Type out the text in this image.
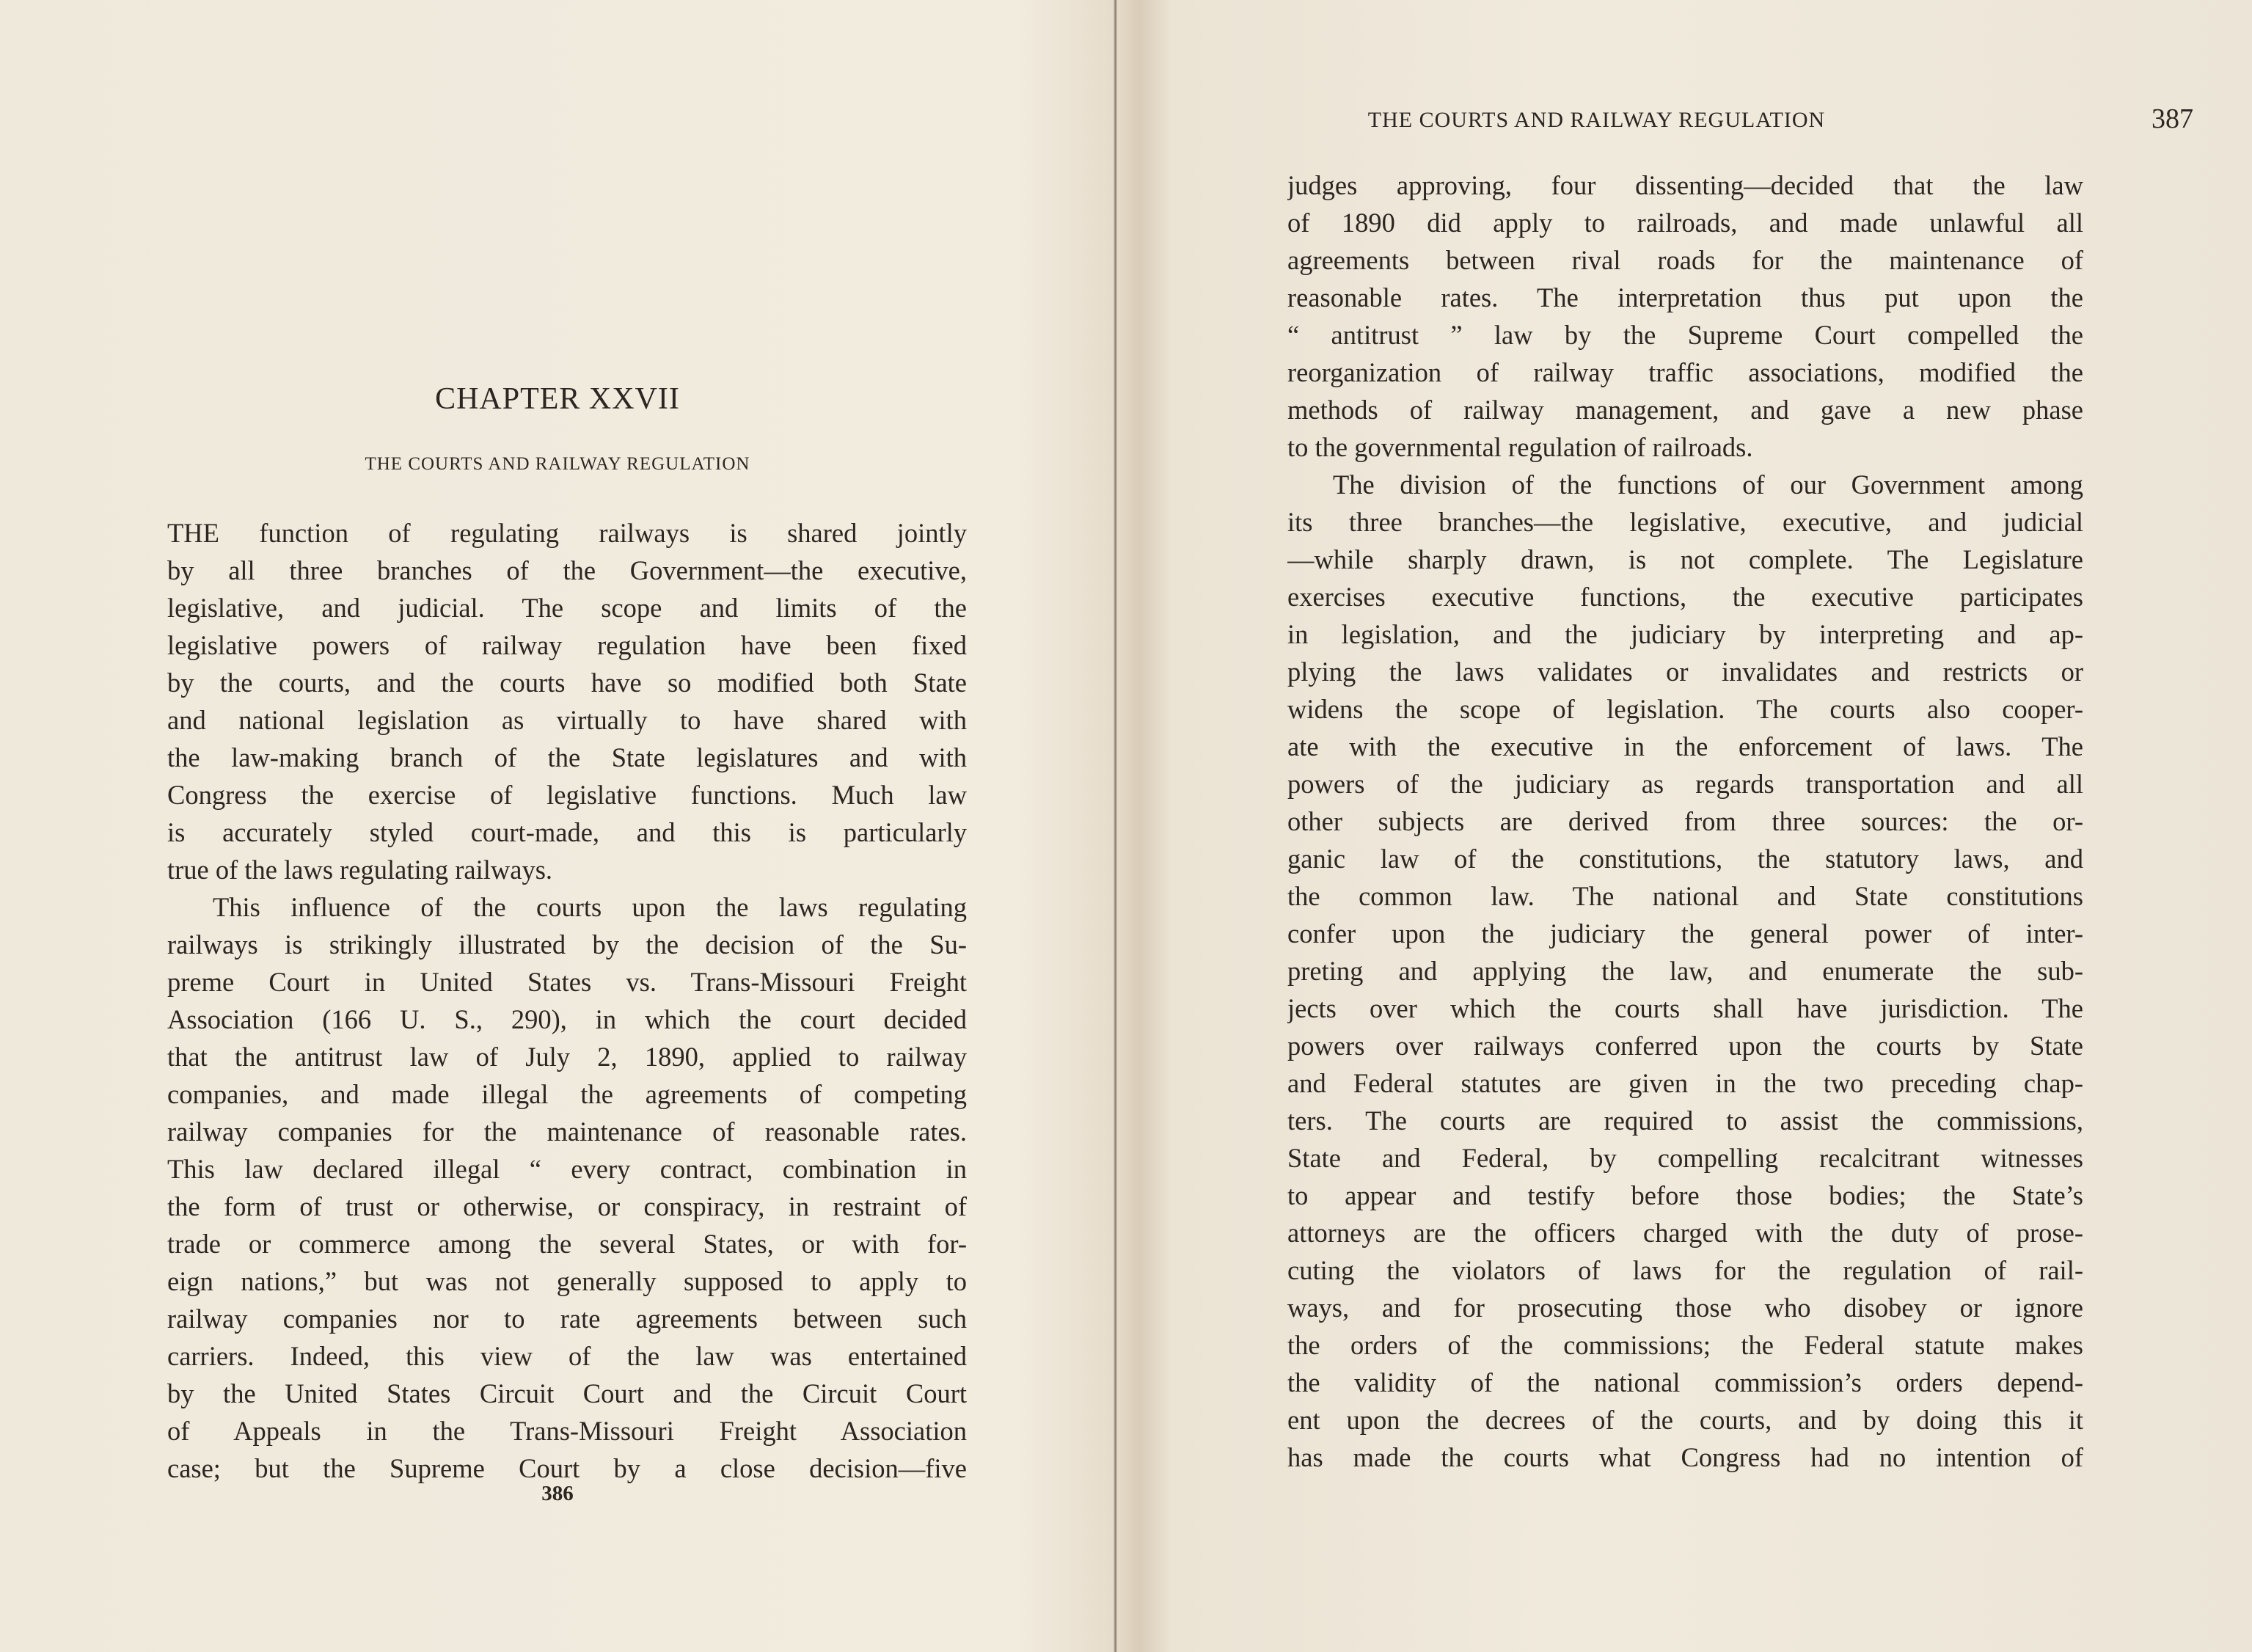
CHAPTER XXVII
THE COURTS AND RAILWAY REGULATION
THE function of regulating railways is shared jointly
by all three branches of the Government—the executive,
legislative, and judicial. The scope and limits of the
legislative powers of railway regulation have been fixed
by the courts, and the courts have so modified both State
and national legislation as virtually to have shared with
the law-making branch of the State legislatures and with
Congress the exercise of legislative functions. Much law
is accurately styled court-made, and this is particularly
true of the laws regulating railways.
This influence of the courts upon the laws regulating
railways is strikingly illustrated by the decision of the Su-
preme Court in United States vs. Trans-Missouri Freight
Association (166 U. S., 290), in which the court decided
that the antitrust law of July 2, 1890, applied to railway
companies, and made illegal the agreements of competing
railway companies for the maintenance of reasonable rates.
This law declared illegal “ every contract, combination in
the form of trust or otherwise, or conspiracy, in restraint of
trade or commerce among the several States, or with for-
eign nations,” but was not generally supposed to apply to
railway companies nor to rate agreements between such
carriers. Indeed, this view of the law was entertained
by the United States Circuit Court and the Circuit Court
of Appeals in the Trans-Missouri Freight Association
case; but the Supreme Court by a close decision—five
386
THE COURTS AND RAILWAY REGULATION	387
judges approving, four dissenting—decided that the law
of 1890 did apply to railroads, and made unlawful all
agreements between rival roads for the maintenance of
reasonable rates. The interpretation thus put upon the
“ antitrust ” law by the Supreme Court compelled the
reorganization of railway traffic associations, modified the
methods of railway management, and gave a new phase
to the governmental regulation of railroads.
The division of the functions of our Government among
its three branches—the legislative, executive, and judicial
—while sharply drawn, is not complete. The Legislature
exercises executive functions, the executive participates
in legislation, and the judiciary by interpreting and ap-
plying the laws validates or invalidates and restricts or
widens the scope of legislation. The courts also cooper-
ate with the executive in the enforcement of laws. The
powers of the judiciary as regards transportation and all
other subjects are derived from three sources: the or-
ganic law of the constitutions, the statutory laws, and
the common law. The national and State constitutions
confer upon the judiciary the general power of inter-
preting and applying the law, and enumerate the sub-
jects over which the courts shall have jurisdiction. The
powers over railways conferred upon the courts by State
and Federal statutes are given in the two preceding chap-
ters. The courts are required to assist the commissions,
State and Federal, by compelling recalcitrant witnesses
to appear and testify before those bodies; the State’s
attorneys are the officers charged with the duty of prose-
cuting the violators of laws for the regulation of rail-
ways, and for prosecuting those who disobey or ignore
the orders of the commissions; the Federal statute makes
the validity of the national commission’s orders depend-
ent upon the decrees of the courts, and by doing this it
has made the courts what Congress had no intention of
